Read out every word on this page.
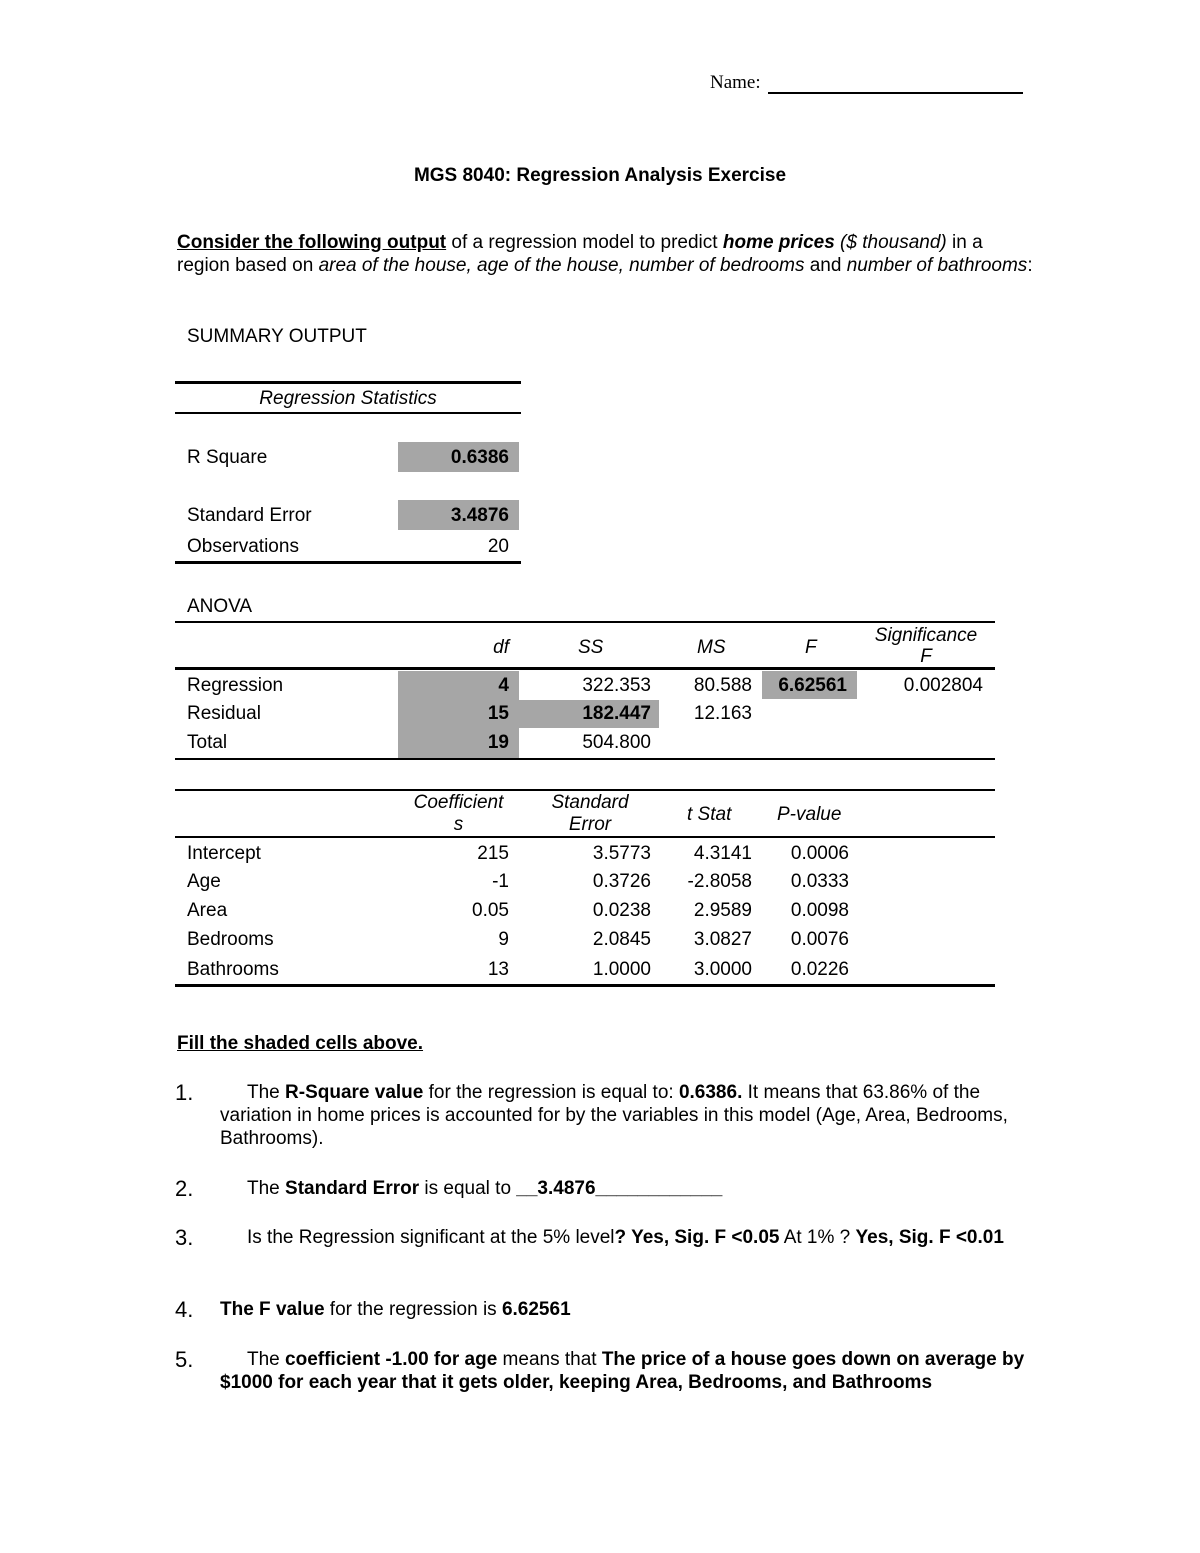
Name:
MGS 8040: Regression Analysis Exercise
Consider the following output of a regression model to predict home prices ($ thousand) in a region based on area of the house, age of the house, number of bedrooms and number of bathrooms:
SUMMARY OUTPUT
Regression Statistics
R Square	0.6386
Standard Error	3.4876
Observations	20
ANOVA
df	SS	MS	F
Significance
F
Regression	4	322.353	80.588	6.62561	0.002804
Residual	15	182.447	12.163
Total	19	504.800
Coefficient
s
Standard
Error	t Stat P-value
Intercept	215	3.5773	4.3141	0.0006
Age	-1	0.3726	-2.8058	0.0333
Area	0.05	0.0238	2.9589	0.0098
Bedrooms	9	2.0845	3.0827	0.0076
Bathrooms	13	1.0000	3.0000	0.0226
Fill the shaded cells above.
1.	The R-Square value for the regression is equal to: 0.6386. It means that 63.86% of the variation in home prices is accounted for by the variables in this model (Age, Area, Bedrooms, Bathrooms).
2.	The Standard Error is equal to __3.4876____________
3.	Is the Regression significant at the 5% level? Yes, Sig. F <0.05 At 1% ? Yes, Sig. F <0.01
4. The F value for the regression is 6.62561
5.	The coefficient -1.00 for age means that The price of a house goes down on average by $1000 for each year that it gets older, keeping Area, Bedrooms, and Bathrooms
